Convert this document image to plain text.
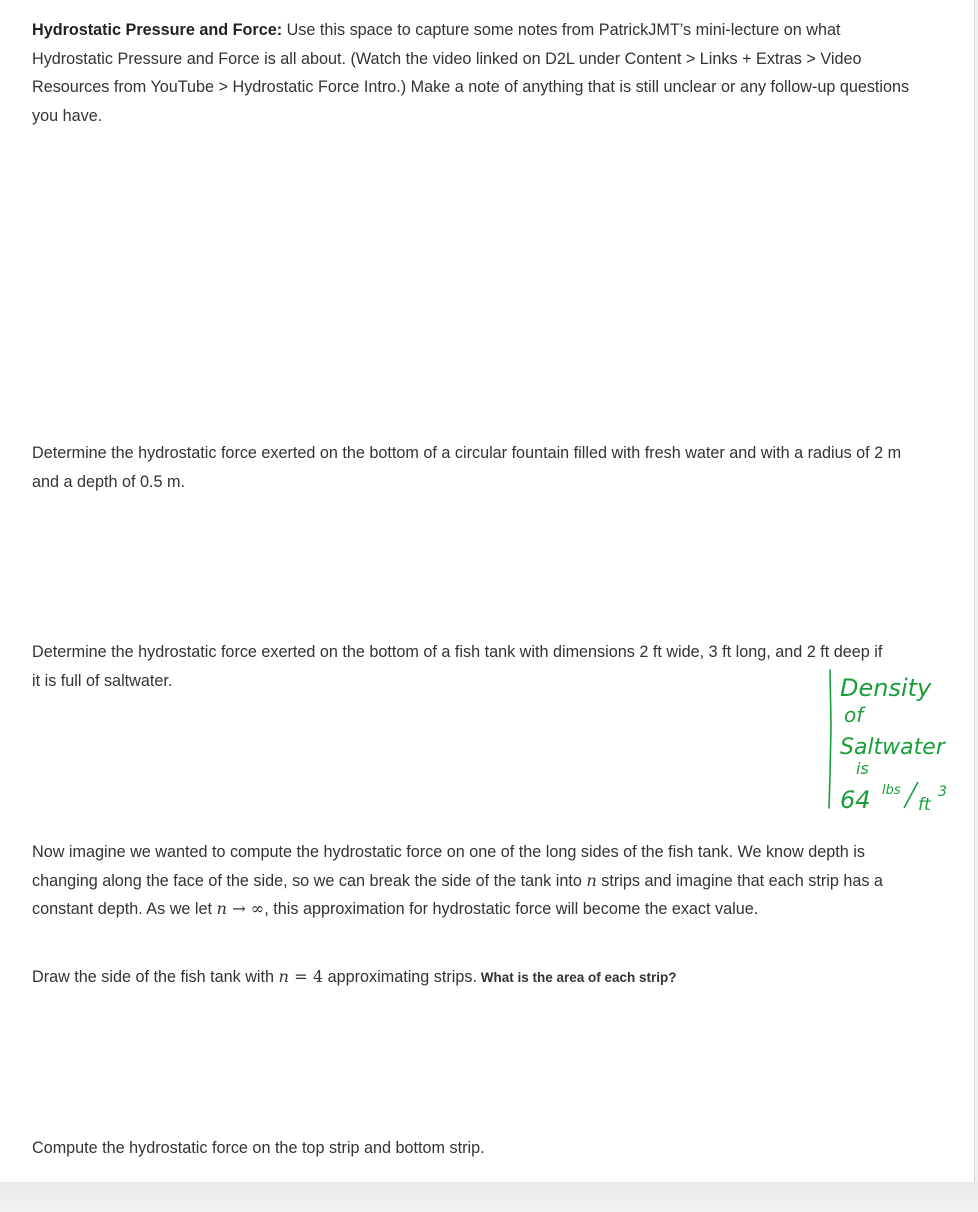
Hydrostatic Pressure and Force: Use this space to capture some notes from PatrickJMT’s mini-lecture on what Hydrostatic Pressure and Force is all about. (Watch the video linked on D2L under Content > Links + Extras > Video Resources from YouTube > Hydrostatic Force Intro.) Make a note of anything that is still unclear or any follow-up questions you have.

Determine the hydrostatic force exerted on the bottom of a circular fountain filled with fresh water and with a radius of 2 m and a depth of 0.5 m.

Determine the hydrostatic force exerted on the bottom of a fish tank with dimensions 2 ft wide, 3 ft long, and 2 ft deep if it is full of saltwater.	Density
of
Saltwater
is
64 lbs
ft
3

Now imagine we wanted to compute the hydrostatic force on one of the long sides of the fish tank. We know depth is changing along the face of the side, so we can break the side of the tank into n strips and imagine that each strip has a constant depth. As we let n → ∞, this approximation for hydrostatic force will become the exact value.

Draw the side of the fish tank with n = 4 approximating strips. What is the area of each strip?

Compute the hydrostatic force on the top strip and bottom strip.
